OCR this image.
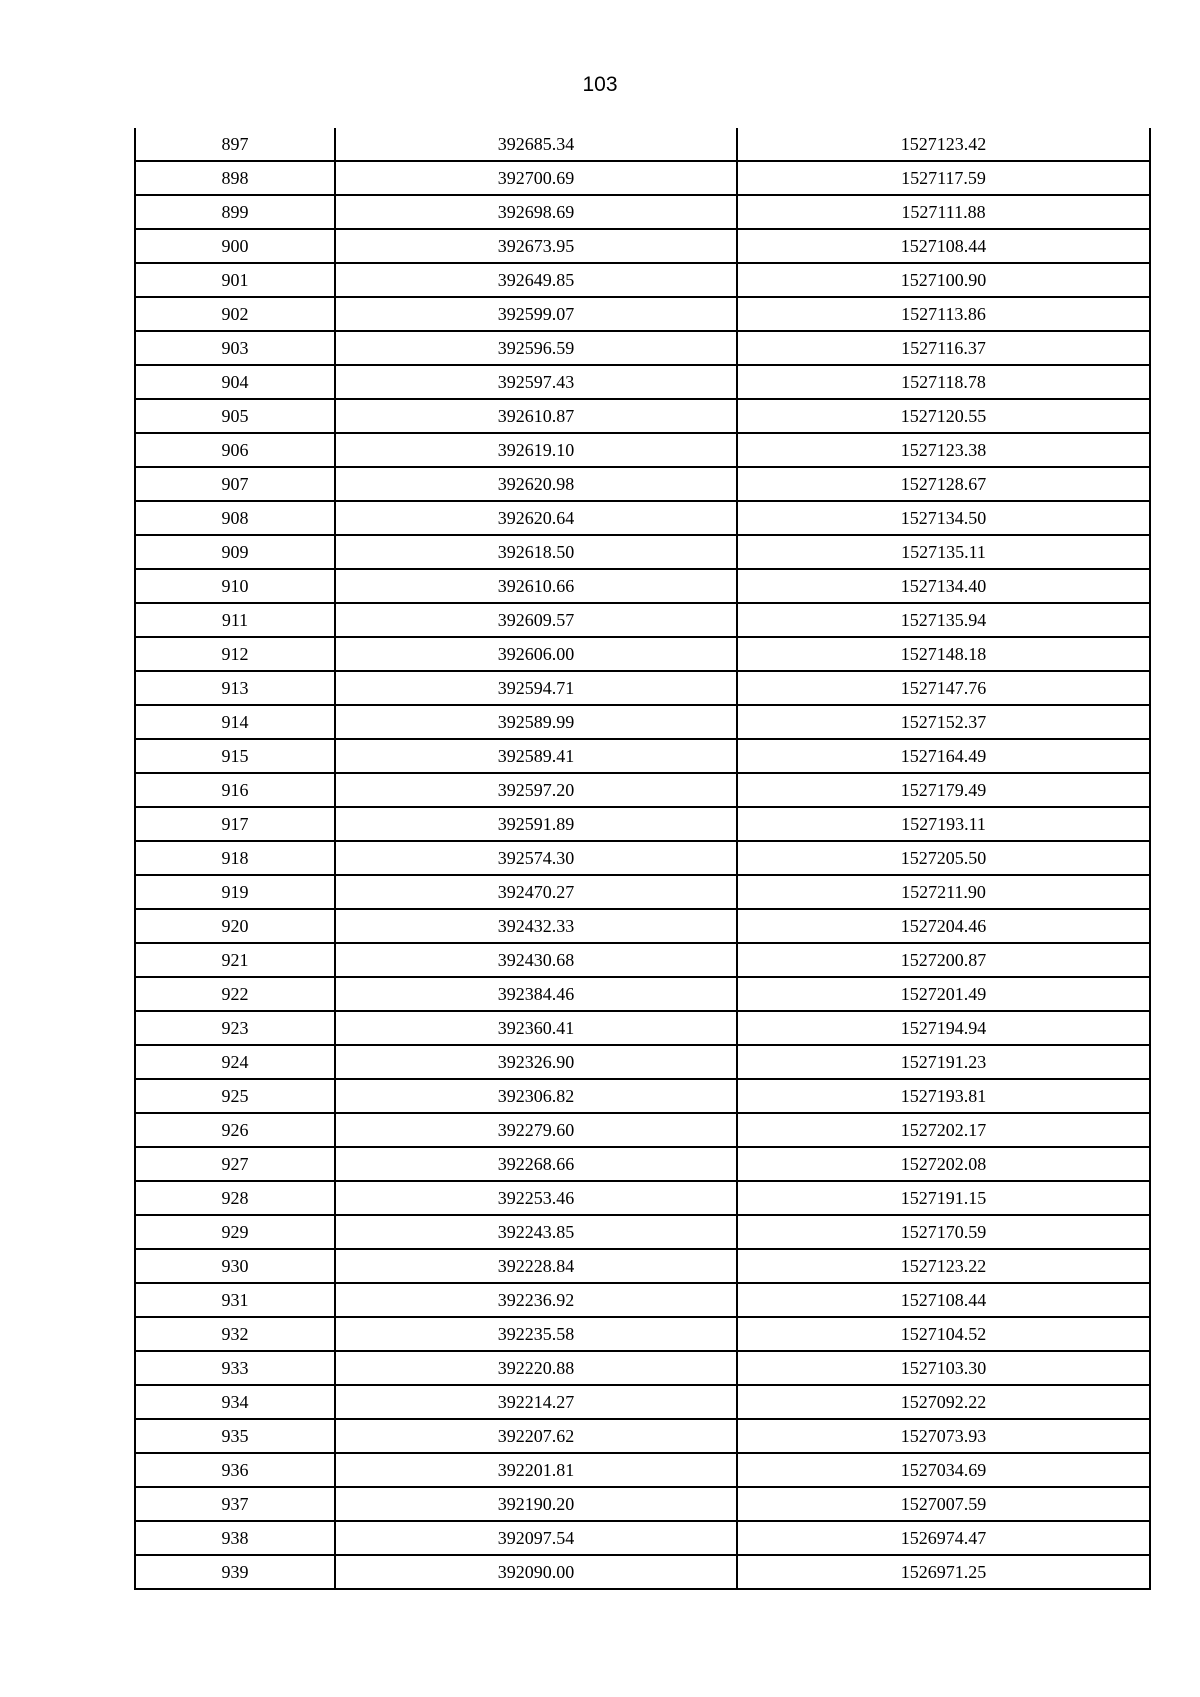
103
897	392685.34	1527123.42
898	392700.69	1527117.59
899	392698.69	1527111.88
900	392673.95	1527108.44
901	392649.85	1527100.90
902	392599.07	1527113.86
903	392596.59	1527116.37
904	392597.43	1527118.78
905	392610.87	1527120.55
906	392619.10	1527123.38
907	392620.98	1527128.67
908	392620.64	1527134.50
909	392618.50	1527135.11
910	392610.66	1527134.40
911	392609.57	1527135.94
912	392606.00	1527148.18
913	392594.71	1527147.76
914	392589.99	1527152.37
915	392589.41	1527164.49
916	392597.20	1527179.49
917	392591.89	1527193.11
918	392574.30	1527205.50
919	392470.27	1527211.90
920	392432.33	1527204.46
921	392430.68	1527200.87
922	392384.46	1527201.49
923	392360.41	1527194.94
924	392326.90	1527191.23
925	392306.82	1527193.81
926	392279.60	1527202.17
927	392268.66	1527202.08
928	392253.46	1527191.15
929	392243.85	1527170.59
930	392228.84	1527123.22
931	392236.92	1527108.44
932	392235.58	1527104.52
933	392220.88	1527103.30
934	392214.27	1527092.22
935	392207.62	1527073.93
936	392201.81	1527034.69
937	392190.20	1527007.59
938	392097.54	1526974.47
939	392090.00	1526971.25
